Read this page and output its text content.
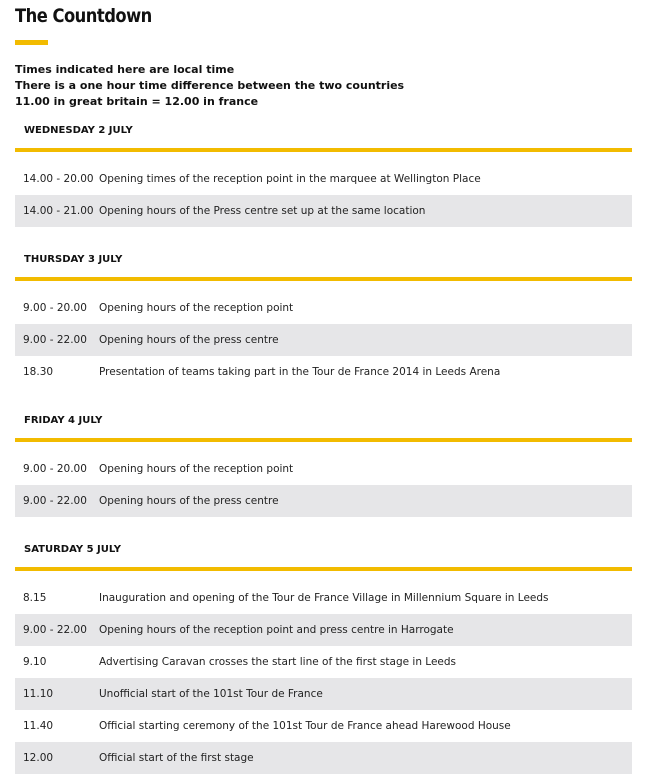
The Countdown
Times indicated here are local time
There is a one hour time difference between the two countries
11.00 in great britain = 12.00 in france
WEDNESDAY 2 JULY
14.00 - 20.00 Opening times of the reception point in the marquee at Wellington Place
14.00 - 21.00 Opening hours of the Press centre set up at the same location
THURSDAY 3 JULY
9.00 - 20.00	Opening hours of the reception point
9.00 - 22.00	Opening hours of the press centre
18.30	Presentation of teams taking part in the Tour de France 2014 in Leeds Arena
FRIDAY 4 JULY
9.00 - 20.00	Opening hours of the reception point
9.00 - 22.00	Opening hours of the press centre
SATURDAY 5 JULY
8.15	Inauguration and opening of the Tour de France Village in Millennium Square in Leeds
9.00 - 22.00	Opening hours of the reception point and press centre in Harrogate
9.10	Advertising Caravan crosses the start line of the first stage in Leeds
11.10	Unofficial start of the 101st Tour de France
11.40	Official starting ceremony of the 101st Tour de France ahead Harewood House
12.00	Official start of the first stage
